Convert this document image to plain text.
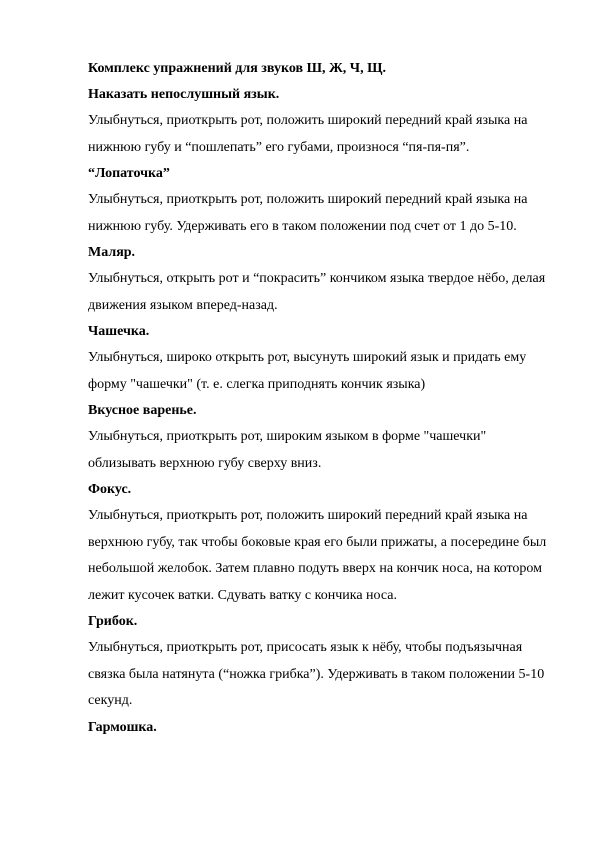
Комплекс упражнений для звуков Ш, Ж, Ч, Щ.

Наказать непослушный язык.

Улыбнуться, приоткрыть рот, положить широкий передний край языка на
нижнюю губу и “пошлепать” его губами, произнося “пя-пя-пя”.

“Лопаточка”

Улыбнуться, приоткрыть рот, положить широкий передний край языка на
нижнюю губу. Удерживать его в таком положении под счет от 1 до 5-10.

Маляр.

Улыбнуться, открыть рот и “покрасить” кончиком языка твердое нёбо, делая
движения языком вперед-назад.

Чашечка.

Улыбнуться, широко открыть рот, высунуть широкий язык и придать ему
форму "чашечки" (т. е. слегка приподнять кончик языка)

Вкусное варенье.

Улыбнуться, приоткрыть рот, широким языком в форме "чашечки"
облизывать верхнюю губу сверху вниз.

Фокус.

Улыбнуться, приоткрыть рот, положить широкий передний край языка на
верхнюю губу, так чтобы боковые края его были прижаты, а посередине был
небольшой желобок. Затем плавно подуть вверх на кончик носа, на котором
лежит кусочек ватки. Сдувать ватку с кончика носа.

Грибок.

Улыбнуться, приоткрыть рот, присосать язык к нёбу, чтобы подъязычная
связка была натянута (“ножка грибка”). Удерживать в таком положении 5-10
секунд.

Гармошка.
